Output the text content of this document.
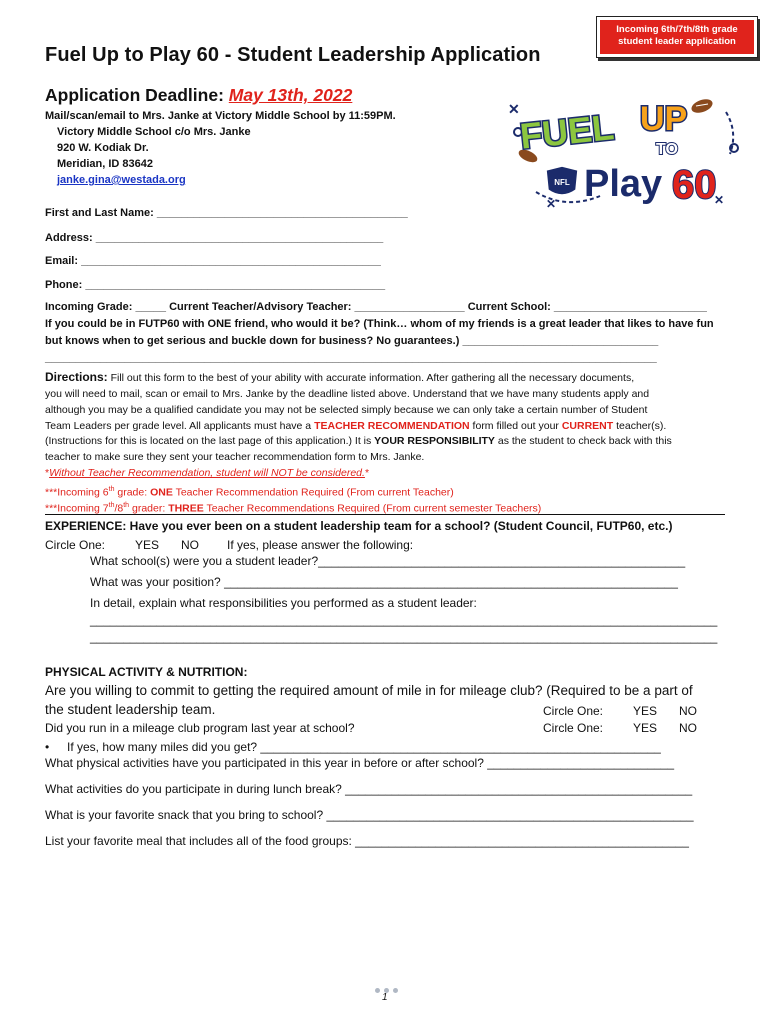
Incoming 6th/7th/8th grade
student leader application
Fuel Up to Play 60 - Student Leadership Application
Application Deadline: May 13th, 2022
Mail/scan/email to Mrs. Janke at Victory Middle School by 11:59PM.
Victory Middle School c/o Mrs. Janke
920 W. Kodiak Dr.
Meridian, ID 83642
janke.gina@westada.org
✕
✕	✕
FUEL UP
TO
NFL Play 60
First and Last Name: _________________________________________
Address: _______________________________________________
Email: _________________________________________________
Phone: _________________________________________________
Incoming Grade: _____ Current Teacher/Advisory Teacher: __________________ Current School: _________________________
If you could be in FUTP60 with ONE friend, who would it be? (Think… whom of my friends is a great leader that likes to have fun
but knows when to get serious and buckle down for business? No guarantees.) ________________________________
____________________________________________________________________________________________________
Directions: Fill out this form to the best of your ability with accurate information. After gathering all the necessary documents,
you will need to mail, scan or email to Mrs. Janke by the deadline listed above. Understand that we have many students apply and
although you may be a qualified candidate you may not be selected simply because we can only take a certain number of Student
Team Leaders per grade level. All applicants must have a TEACHER RECOMMENDATION form filled out your CURRENT teacher(s).
(Instructions for this is located on the last page of this application.) It is YOUR RESPONSIBILITY as the student to check back with this
teacher to make sure they sent your teacher recommendation form to Mrs. Janke.
*Without Teacher Recommendation, student will NOT be considered.*
***Incoming 6th grade: ONE Teacher Recommendation Required (From current Teacher)
***Incoming 7th/8th grader: THREE Teacher Recommendations Required (From current semester Teachers)
EXPERIENCE: Have you ever been on a student leadership team for a school? (Student Council, FUTP60, etc.)
Circle One: YES NO If yes, please answer the following:
What school(s) were you a student leader?_______________________________________________________
What was your position? ____________________________________________________________________
In detail, explain what responsibilities you performed as a student leader:
______________________________________________________________________________________________
______________________________________________________________________________________________
PHYSICAL ACTIVITY & NUTRITION:
Are you willing to commit to getting the required amount of mile in for mileage club? (Required to be a part of
the student leadership team.	Circle One: YES NO
Did you run in a mileage club program last year at school?	Circle One: YES NO
• If yes, how many miles did you get? ____________________________________________________________
What physical activities have you participated in this year in before or after school? ____________________________
What activities do you participate in during lunch break? ____________________________________________________
What is your favorite snack that you bring to school? _______________________________________________________
List your favorite meal that includes all of the food groups: __________________________________________________
1
